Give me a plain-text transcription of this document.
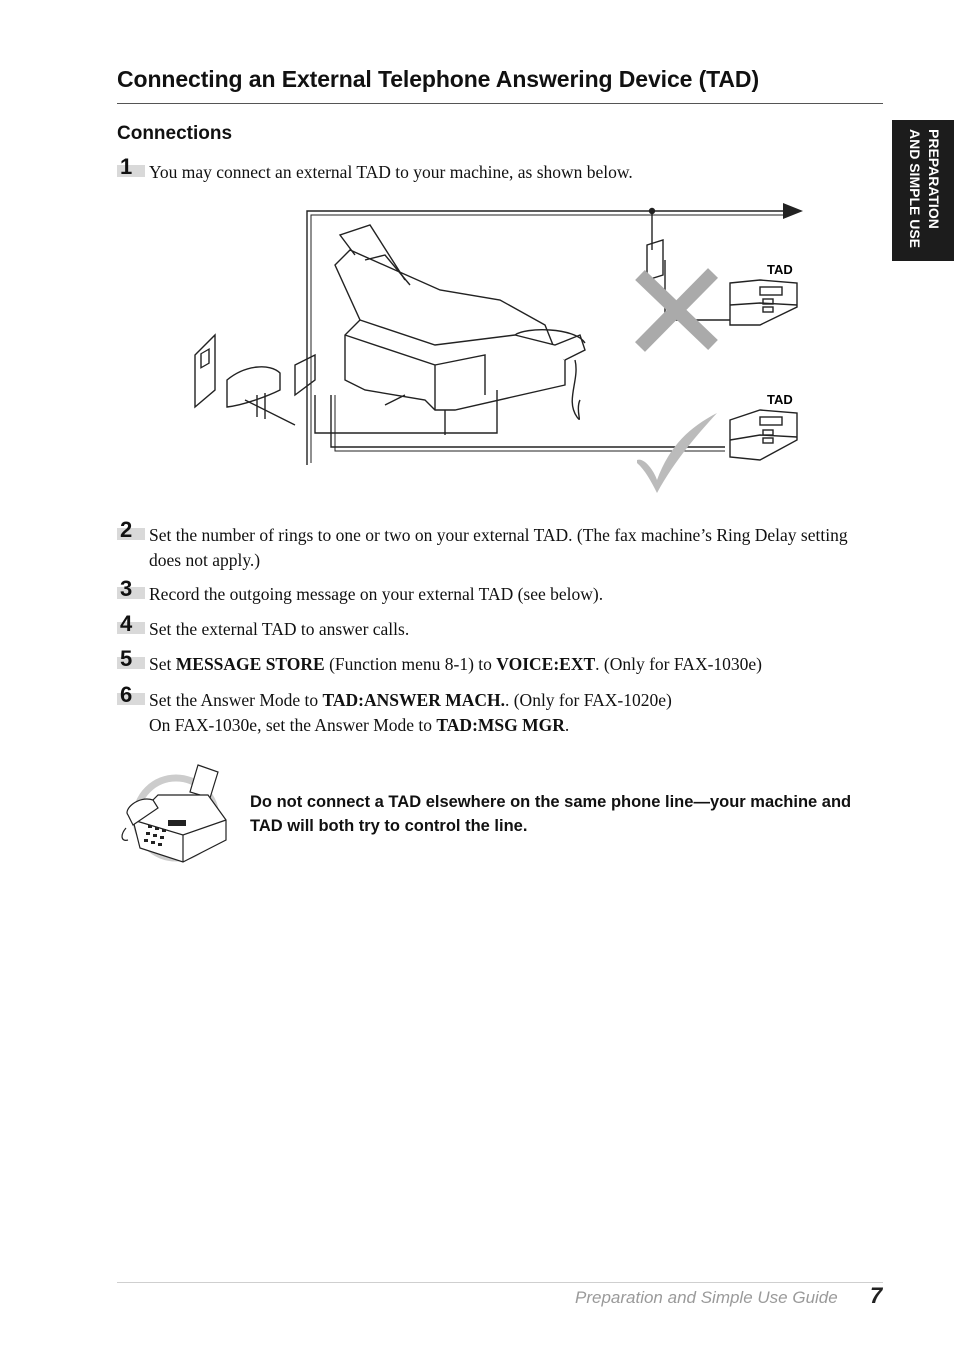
Connecting an External Telephone Answering Device (TAD)
PREPARATION
AND SIMPLE USE
Connections
1 You may connect an external TAD to your machine, as shown below.
TAD
TAD
2 Set the number of rings to one or two on your external TAD. (The fax machine’s Ring Delay setting does not apply.)
3 Record the outgoing message on your external TAD (see below).
4 Set the external TAD to answer calls.
5 Set MESSAGE STORE (Function menu 8-1) to VOICE:EXT. (Only for FAX-1030e)
6 Set the Answer Mode to TAD:ANSWER MACH.. (Only for FAX-1020e)
On FAX-1030e, set the Answer Mode to TAD:MSG MGR.
Do not connect a TAD elsewhere on the same phone line—your machine and TAD will both try to control the line.
Preparation and Simple Use Guide 7
